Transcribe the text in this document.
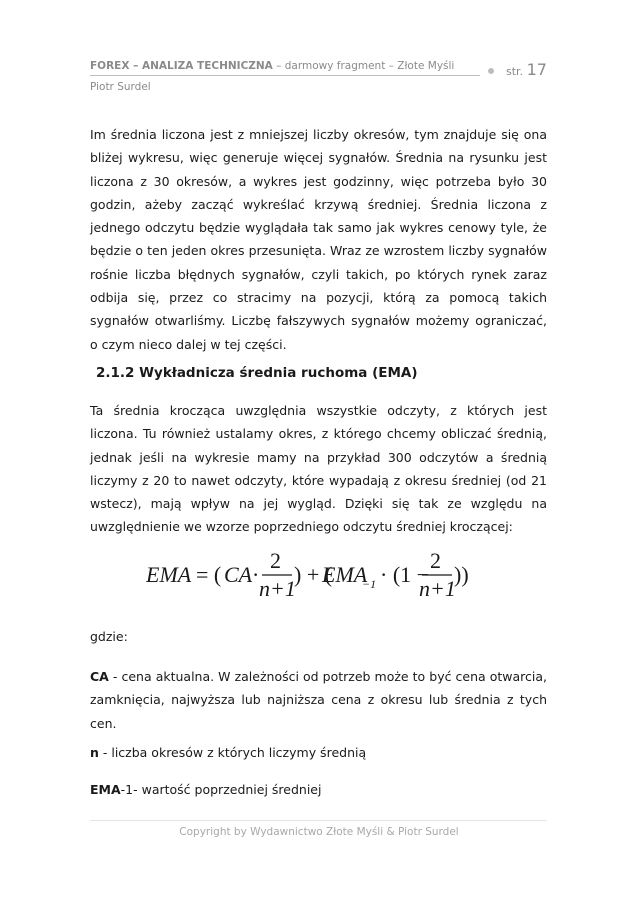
FOREX – ANALIZA TECHNICZNA – darmowy fragment – Złote Myśli
Piotr Surdel
str. 17

Im średnia liczona jest z mniejszej liczby okresów, tym znajduje się ona bliżej wykresu, więc generuje więcej sygnałów. Średnia na rysunku jest liczona z 30 okresów, a wykres jest godzinny, więc potrzeba było 30 godzin, ażeby zacząć wykreślać krzywą średniej. Średnia liczona z jednego odczytu będzie wyglądała tak samo jak wykres cenowy tyle, że będzie o ten jeden okres przesunięta. Wraz ze wzrostem liczby sygnałów rośnie liczba błędnych sygnałów, czyli takich, po których rynek zaraz odbija się, przez co stracimy na pozycji, którą za pomocą takich sygnałów otwarliśmy. Liczbę fałszywych sygnałów możemy ograniczać, o czym nieco dalej w tej części.

2.1.2 Wykładnicza średnia ruchoma (EMA)

Ta średnia krocząca uwzględnia wszystkie odczyty, z których jest liczona. Tu również ustalamy okres, z którego chcemy obliczać średnią, jednak jeśli na wykresie mamy na przykład 300 odczytów a średnią liczymy z 20 to nawet odczyty, które wypadają z okresu średniej (od 21 wstecz), mają wpływ na jej wygląd. Dzięki się tak ze względu na uwzględnienie we wzorze poprzedniego odczytu średniej kroczącej:

EMA = ( CA ·
2
n+1
) + (
EMA
−1 · (1 −
2
n+1
))

gdzie:

CA - cena aktualna. W zależności od potrzeb może to być cena otwarcia, zamknięcia, najwyższa lub najniższa cena z okresu lub średnia z tych cen.

n - liczba okresów z których liczymy średnią

EMA-1- wartość poprzedniej średniej

Copyright by Wydawnictwo Złote Myśli & Piotr Surdel
